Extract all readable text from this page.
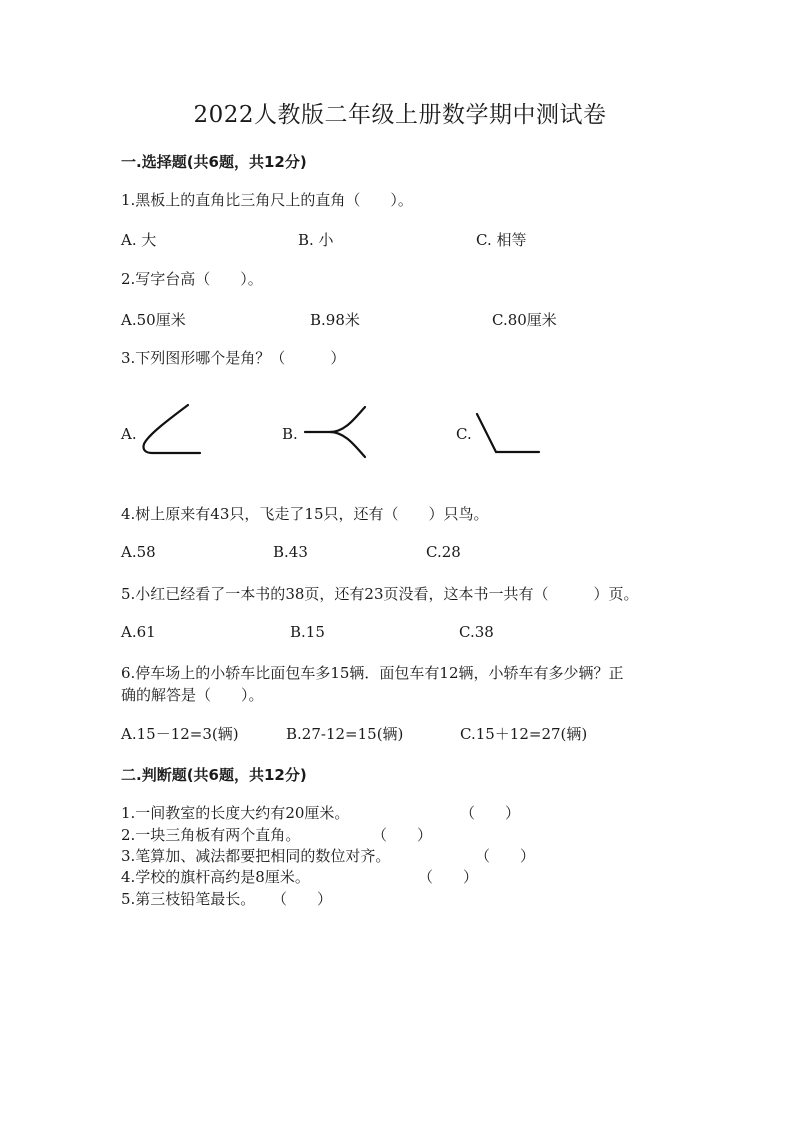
2022人教版二年级上册数学期中测试卷
一.选择题(共6题，共12分)
1.黑板上的直角比三角尺上的直角（　　）。
A. 大	B. 小	C. 相等
2.写字台高（　　）。
A.50厘米	B.98米	C.80厘米
3.下列图形哪个是角？（　　　）
A.	B.	C.
4.树上原来有43只，飞走了15只，还有（　　）只鸟。
A.58	B.43	C.28
5.小红已经看了一本书的38页，还有23页没看，这本书一共有（　　　）页。
A.61	B.15	C.38
6.停车场上的小轿车比面包车多15辆．面包车有12辆，小轿车有多少辆？正
确的解答是（　　）。
A.15－12=3(辆)	B.27-12=15(辆)	C.15＋12=27(辆)
二.判断题(共6题，共12分)
1.一间教室的长度大约有20厘米。	（　　）
2.一块三角板有两个直角。	（　　）
3.笔算加、减法都要把相同的数位对齐。	（　　）
4.学校的旗杆高约是8厘米。	（　　）
5.第三枝铅笔最长。 （　　）
